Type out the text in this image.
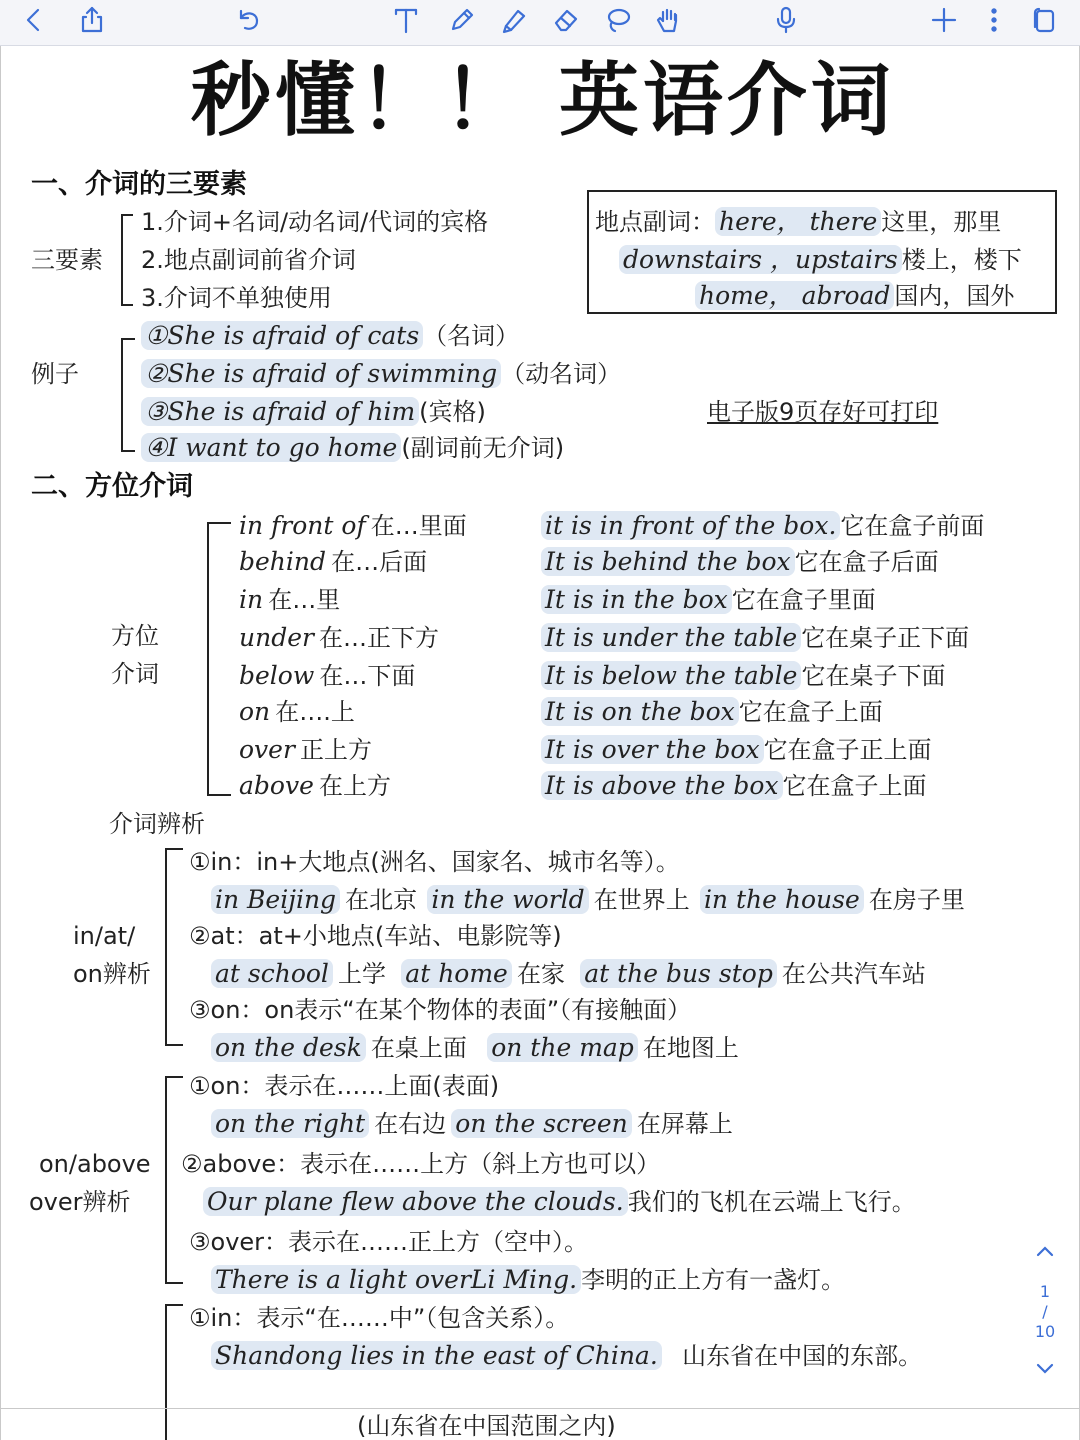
秒懂！！ 英语介词
一、介词的三要素
三要素
1.介词+名词/动名词/代词的宾格
2.地点副词前省介词
3.介词不单独使用
地点副词： here， there 这里，那里
downstairs ，upstairs 楼上，楼下
home， abroad 国内，国外
例子
①She is afraid of cats （名词）
②She is afraid of swimming （动名词）
③She is afraid of him (宾格)
④I want to go home (副词前无介词)
电子版9页存好可打印
二、方位介词
方位
介词
in front of 在…里面
behind 在…后面
in 在…里
under 在…正下方
below 在…下面
on 在….上
over 正上方
above 在上方
it is in front of the box. 它在盒子前面
It is behind the box 它在盒子后面
It is in the box 它在盒子里面
It is under the table 它在桌子正下面
It is below the table 它在桌子下面
It is on the box 它在盒子上面
It is over the box 它在盒子正上面
It is above the box 它在盒子上面
介词辨析
in/at/
on辨析
①in：in+大地点(洲名、国家名、城市名等）。
in Beijing 在北京 in the world 在世界上 in the house 在房子里
②at：at+小地点(车站、电影院等)
at school 上学 at home 在家 at the bus stop 在公共汽车站
③on：on表示“在某个物体的表面”（有接触面）
on the desk 在桌上面 on the map 在地图上
on/above
over辨析
①on：表示在……上面(表面)
on the right 在右边 on the screen 在屏幕上
②above：表示在……上方（斜上方也可以）
Our plane flew above the clouds. 我们的飞机在云端上飞行。
③over：表示在……正上方（空中）。
There is a light overLi Ming. 李明的正上方有一盏灯。
①in：表示“在……中”（包含关系）。
Shandong lies in the east of China. 山东省在中国的东部。
(山东省在中国范围之内)
1
/
10
